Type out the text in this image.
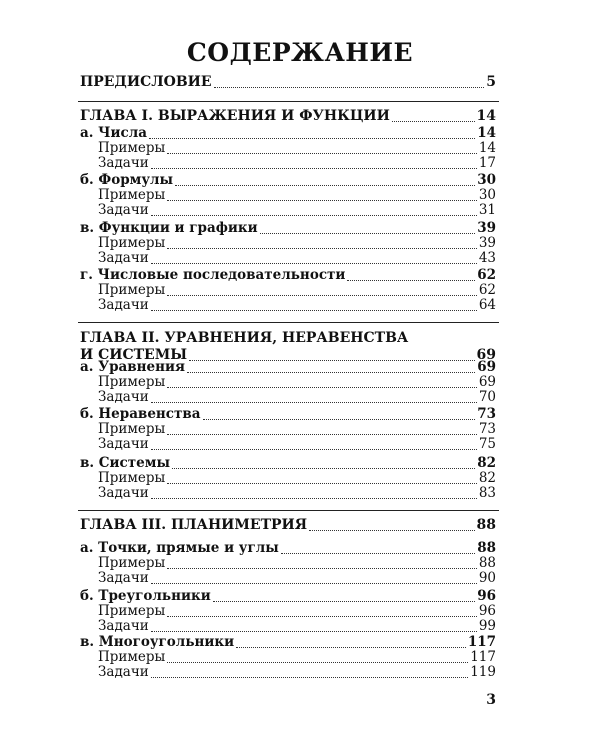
СОДЕРЖАНИЕ
ПРЕДИСЛОВИЕ	5
ГЛАВА I. ВЫРАЖЕНИЯ И ФУНКЦИИ	14
а. Числа	14
Примеры	14
Задачи	17
б. Формулы	30
Примеры	30
Задачи	31
в. Функции и графики	39
Примеры	39
Задачи	43
г. Числовые последовательности	62
Примеры	62
Задачи	64
ГЛАВА II. УРАВНЕНИЯ, НЕРАВЕНСТВА
И СИСТЕМЫ	69
а. Уравнения	69
Примеры	69
Задачи	70
б. Неравенства	73
Примеры	73
Задачи	75
в. Системы	82
Примеры	82
Задачи	83
ГЛАВА III. ПЛАНИМЕТРИЯ	88
а. Точки, прямые и углы	88
Примеры	88
Задачи	90
б. Треугольники	96
Примеры	96
Задачи	99
в. Многоугольники	117
Примеры	117
Задачи	119
3
